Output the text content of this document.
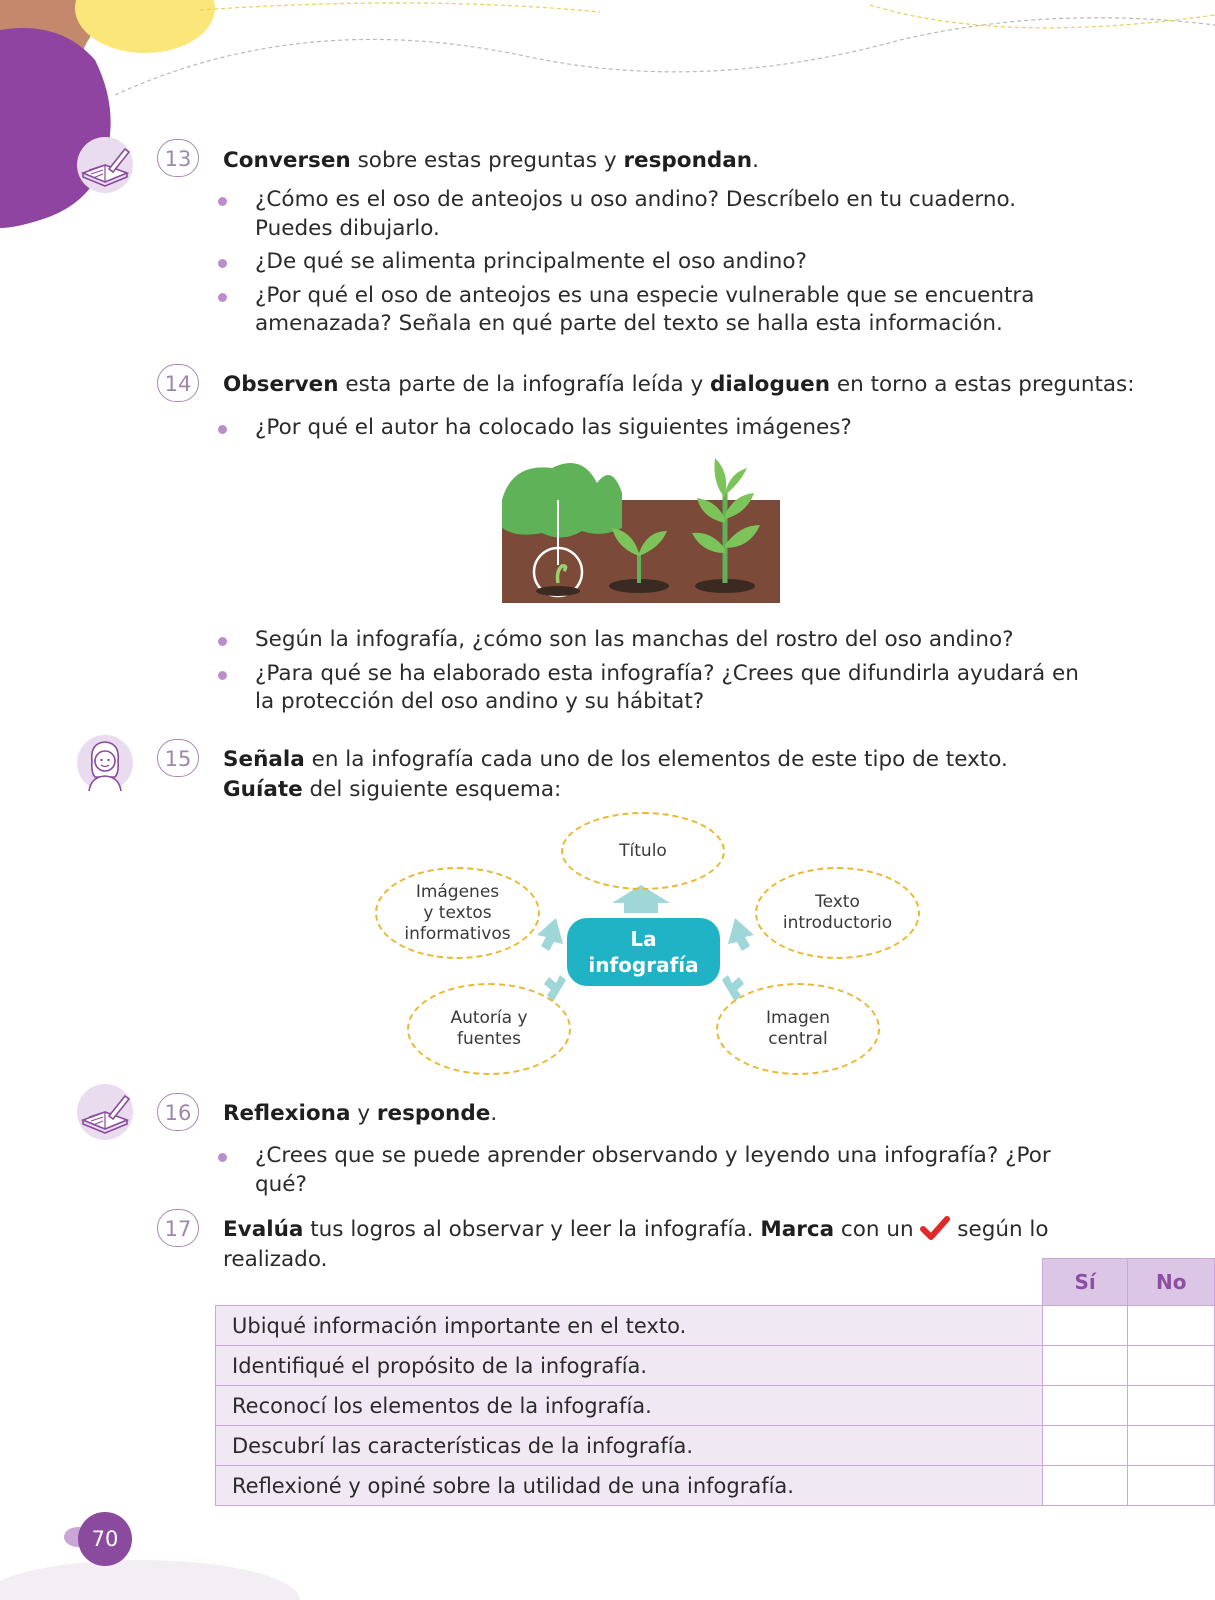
13	Conversen sobre estas preguntas y respondan.
¿Cómo es el oso de anteojos u oso andino? Descríbelo en tu cuaderno. Puedes dibujarlo.
¿De qué se alimenta principalmente el oso andino?
¿Por qué el oso de anteojos es una especie vulnerable que se encuentra amenazada? Señala en qué parte del texto se halla esta información.
14	Observen esta parte de la infografía leída y dialoguen en torno a estas preguntas:
¿Por qué el autor ha colocado las siguientes imágenes?
Según la infografía, ¿cómo son las manchas del rostro del oso andino?
¿Para qué se ha elaborado esta infografía? ¿Crees que difundirla ayudará en la protección del oso andino y su hábitat?
15	Señala en la infografía cada uno de los elementos de este tipo de texto.
Guíate del siguiente esquema:
Título
Imágenes
y textos
informativos
Texto
introductorio
La
infografía
Autoría y
fuentes
Imagen
central
16	Reflexiona y responde.
¿Crees que se puede aprender observando y leyendo una infografía? ¿Por qué?
17	Evalúa tus logros al observar y leer la infografía. Marca con un  según lo
realizado.
	Sí	No
Ubiqué información importante en el texto.		
Identifiqué el propósito de la infografía.		
Reconocí los elementos de la infografía.		
Descubrí las características de la infografía.		
Reflexioné y opiné sobre la utilidad de una infografía.		
70
